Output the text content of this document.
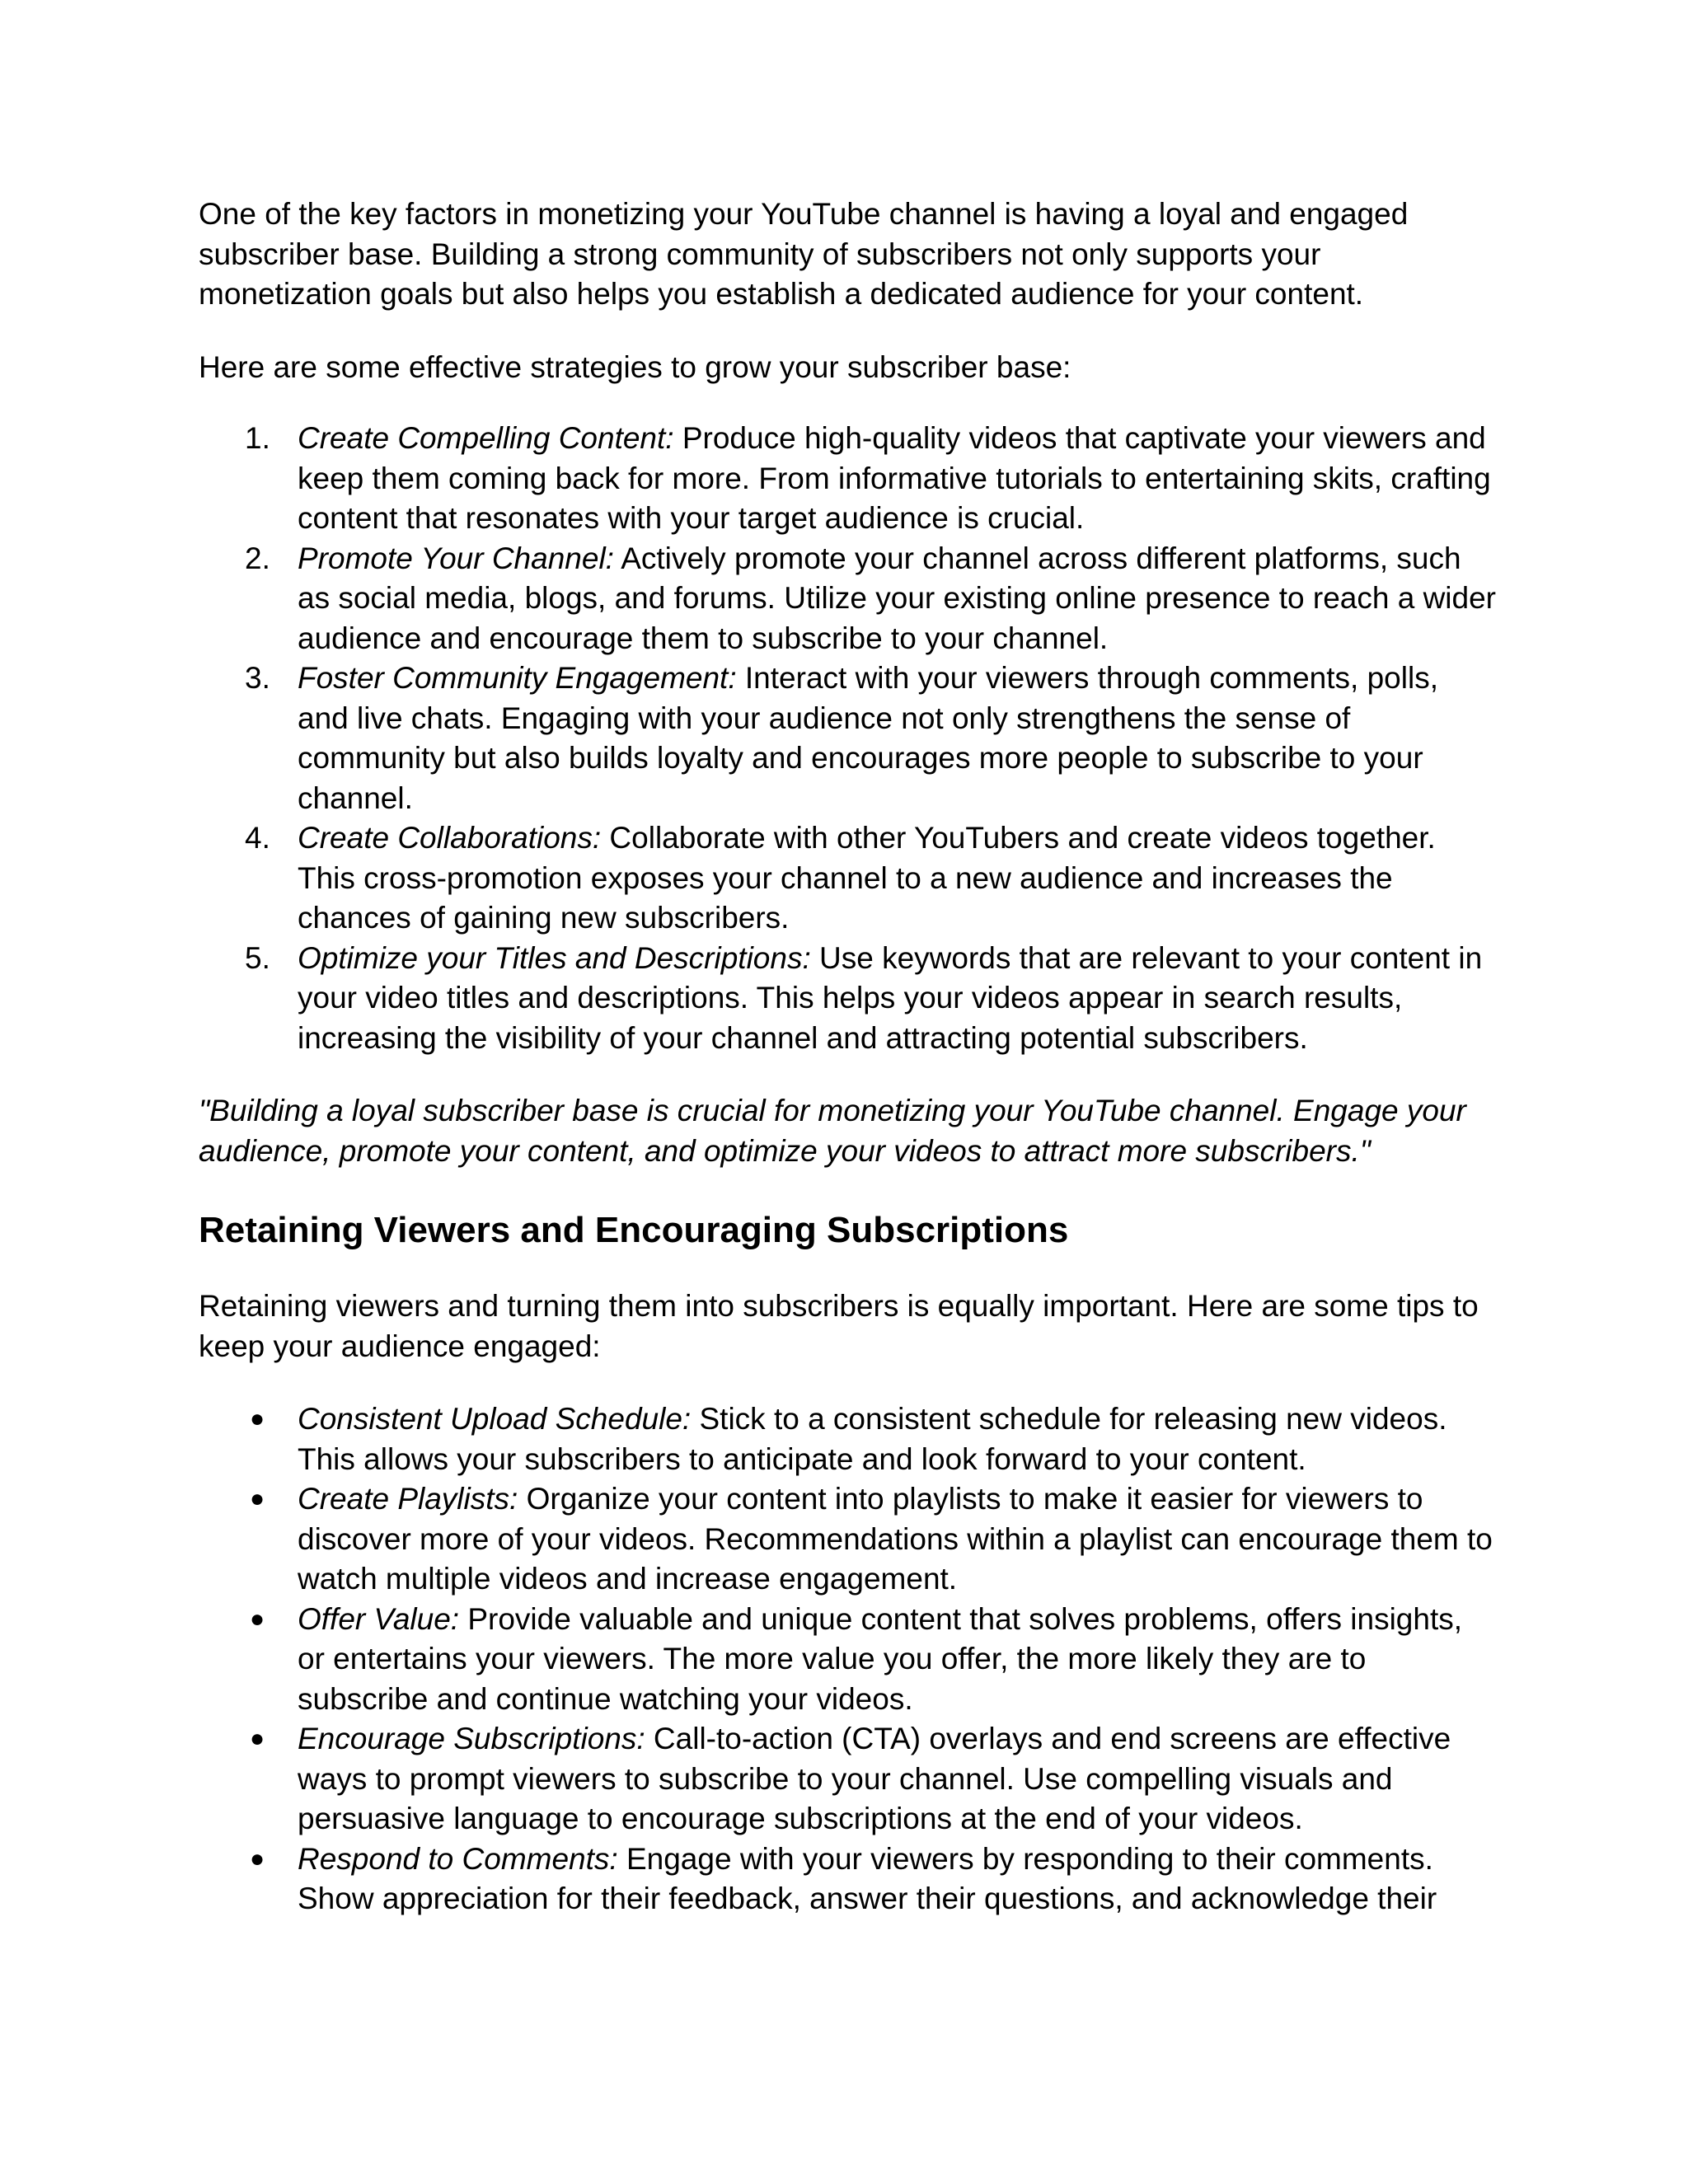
One of the key factors in monetizing your YouTube channel is having a loyal and engaged subscriber base. Building a strong community of subscribers not only supports your monetization goals but also helps you establish a dedicated audience for your content.

Here are some effective strategies to grow your subscriber base:

1. Create Compelling Content: Produce high-quality videos that captivate your viewers and keep them coming back for more. From informative tutorials to entertaining skits, crafting content that resonates with your target audience is crucial.
2. Promote Your Channel: Actively promote your channel across different platforms, such as social media, blogs, and forums. Utilize your existing online presence to reach a wider audience and encourage them to subscribe to your channel.
3. Foster Community Engagement: Interact with your viewers through comments, polls, and live chats. Engaging with your audience not only strengthens the sense of community but also builds loyalty and encourages more people to subscribe to your channel.
4. Create Collaborations: Collaborate with other YouTubers and create videos together. This cross-promotion exposes your channel to a new audience and increases the chances of gaining new subscribers.
5. Optimize your Titles and Descriptions: Use keywords that are relevant to your content in your video titles and descriptions. This helps your videos appear in search results, increasing the visibility of your channel and attracting potential subscribers.

"Building a loyal subscriber base is crucial for monetizing your YouTube channel. Engage your audience, promote your content, and optimize your videos to attract more subscribers."

Retaining Viewers and Encouraging Subscriptions

Retaining viewers and turning them into subscribers is equally important. Here are some tips to keep your audience engaged:

● Consistent Upload Schedule: Stick to a consistent schedule for releasing new videos. This allows your subscribers to anticipate and look forward to your content.
● Create Playlists: Organize your content into playlists to make it easier for viewers to discover more of your videos. Recommendations within a playlist can encourage them to watch multiple videos and increase engagement.
● Offer Value: Provide valuable and unique content that solves problems, offers insights, or entertains your viewers. The more value you offer, the more likely they are to subscribe and continue watching your videos.
● Encourage Subscriptions: Call-to-action (CTA) overlays and end screens are effective ways to prompt viewers to subscribe to your channel. Use compelling visuals and persuasive language to encourage subscriptions at the end of your videos.
● Respond to Comments: Engage with your viewers by responding to their comments. Show appreciation for their feedback, answer their questions, and acknowledge their
